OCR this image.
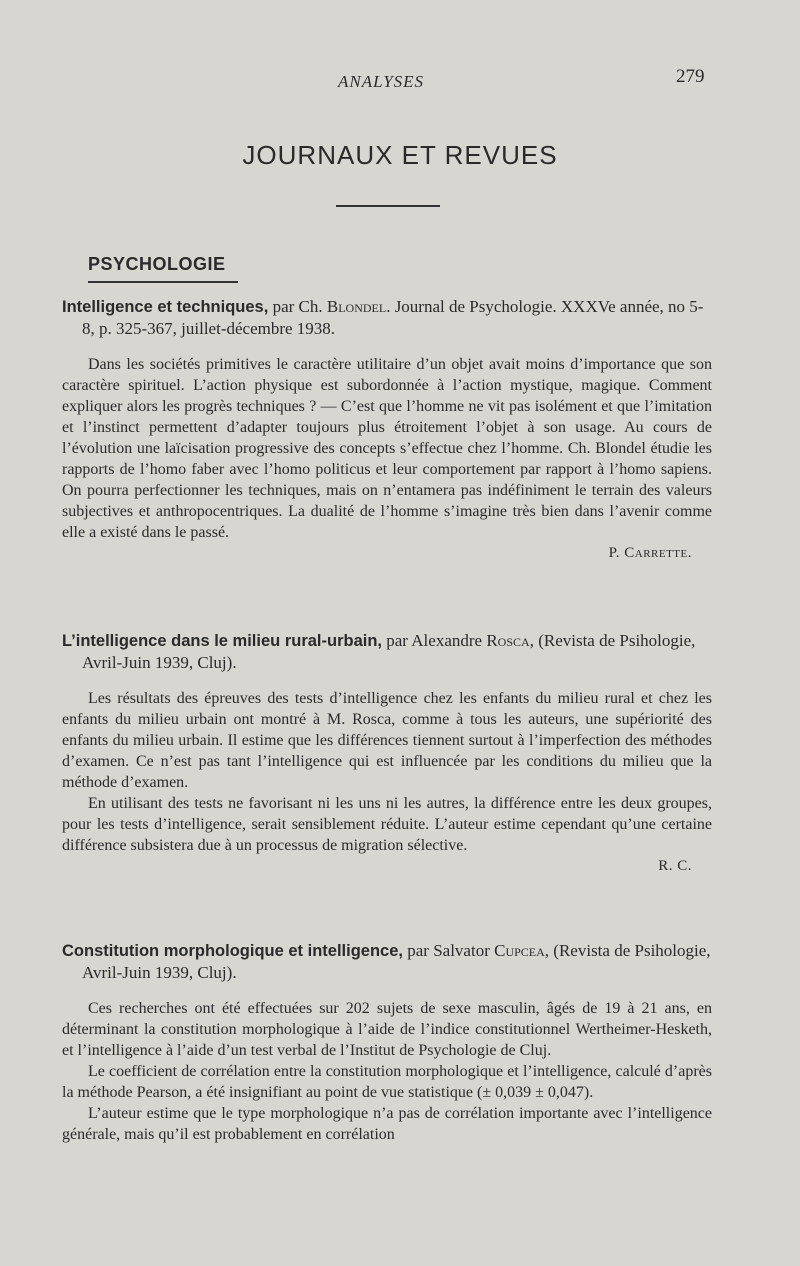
ANALYSES	279
JOURNAUX ET REVUES
PSYCHOLOGIE

Intelligence et techniques, par Ch. Blondel. Journal de Psychologie. XXXVe année, no 5-8, p. 325-367, juillet-décembre 1938.

Dans les sociétés primitives le caractère utilitaire d’un objet avait moins d’importance que son caractère spirituel. L’action physique est subordonnée à l’action mystique, magique. Comment expliquer alors les progrès techniques ? — C’est que l’homme ne vit pas isolément et que l’imitation et l’instinct permettent d’adapter toujours plus étroitement l’objet à son usage. Au cours de l’évolution une laïcisation progressive des concepts s’effectue chez l’homme. Ch. Blondel étudie les rapports de l’homo faber avec l’homo politicus et leur comportement par rapport à l’homo sapiens. On pourra perfectionner les techniques, mais on n’entamera pas indéfiniment le terrain des valeurs subjectives et anthropocentriques. La dualité de l’homme s’imagine très bien dans l’avenir comme elle a existé dans le passé.

P. Carrette.

L’intelligence dans le milieu rural-urbain, par Alexandre Rosca, (Revista de Psihologie, Avril-Juin 1939, Cluj).

Les résultats des épreuves des tests d’intelligence chez les enfants du milieu rural et chez les enfants du milieu urbain ont montré à M. Rosca, comme à tous les auteurs, une supériorité des enfants du milieu urbain. Il estime que les différences tiennent surtout à l’imperfection des méthodes d’examen. Ce n’est pas tant l’intelligence qui est influencée par les conditions du milieu que la méthode d’examen.

En utilisant des tests ne favorisant ni les uns ni les autres, la différence entre les deux groupes, pour les tests d’intelligence, serait sensiblement réduite. L’auteur estime cependant qu’une certaine différence subsistera due à un processus de migration sélective.

R. C.

Constitution morphologique et intelligence, par Salvator Cupcea, (Revista de Psihologie, Avril-Juin 1939, Cluj).

Ces recherches ont été effectuées sur 202 sujets de sexe masculin, âgés de 19 à 21 ans, en déterminant la constitution morphologique à l’aide de l’indice constitutionnel Wertheimer-Hesketh, et l’intelligence à l’aide d’un test verbal de l’Institut de Psychologie de Cluj.

Le coefficient de corrélation entre la constitution morphologique et l’intelligence, calculé d’après la méthode Pearson, a été insignifiant au point de vue statistique (± 0,039 ± 0,047).

L’auteur estime que le type morphologique n’a pas de corrélation importante avec l’intelligence générale, mais qu’il est probablement en corrélation
